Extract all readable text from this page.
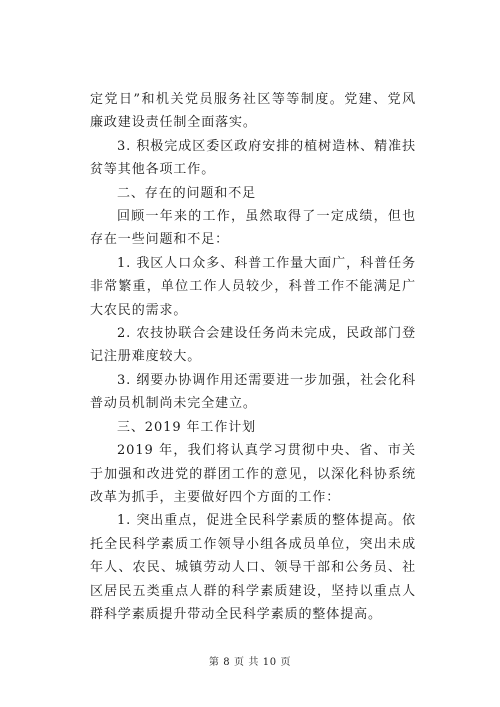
定党日”和机关党员服务社区等等制度。党建、党风廉政建设责任制全面落实。

3. 积极完成区委区政府安排的植树造林、精准扶贫等其他各项工作。

二、存在的问题和不足

回顾一年来的工作，虽然取得了一定成绩，但也存在一些问题和不足：

1. 我区人口众多、科普工作量大面广，科普任务非常繁重，单位工作人员较少，科普工作不能满足广大农民的需求。

2. 农技协联合会建设任务尚未完成，民政部门登记注册难度较大。

3. 纲要办协调作用还需要进一步加强，社会化科普动员机制尚未完全建立。

三、2019 年工作计划

2019 年，我们将认真学习贯彻中央、省、市关于加强和改进党的群团工作的意见，以深化科协系统改革为抓手，主要做好四个方面的工作：

1. 突出重点，促进全民科学素质的整体提高。依托全民科学素质工作领导小组各成员单位，突出未成年人、农民、城镇劳动人口、领导干部和公务员、社区居民五类重点人群的科学素质建设，坚持以重点人群科学素质提升带动全民科学素质的整体提高。

第 8 页 共 10 页
